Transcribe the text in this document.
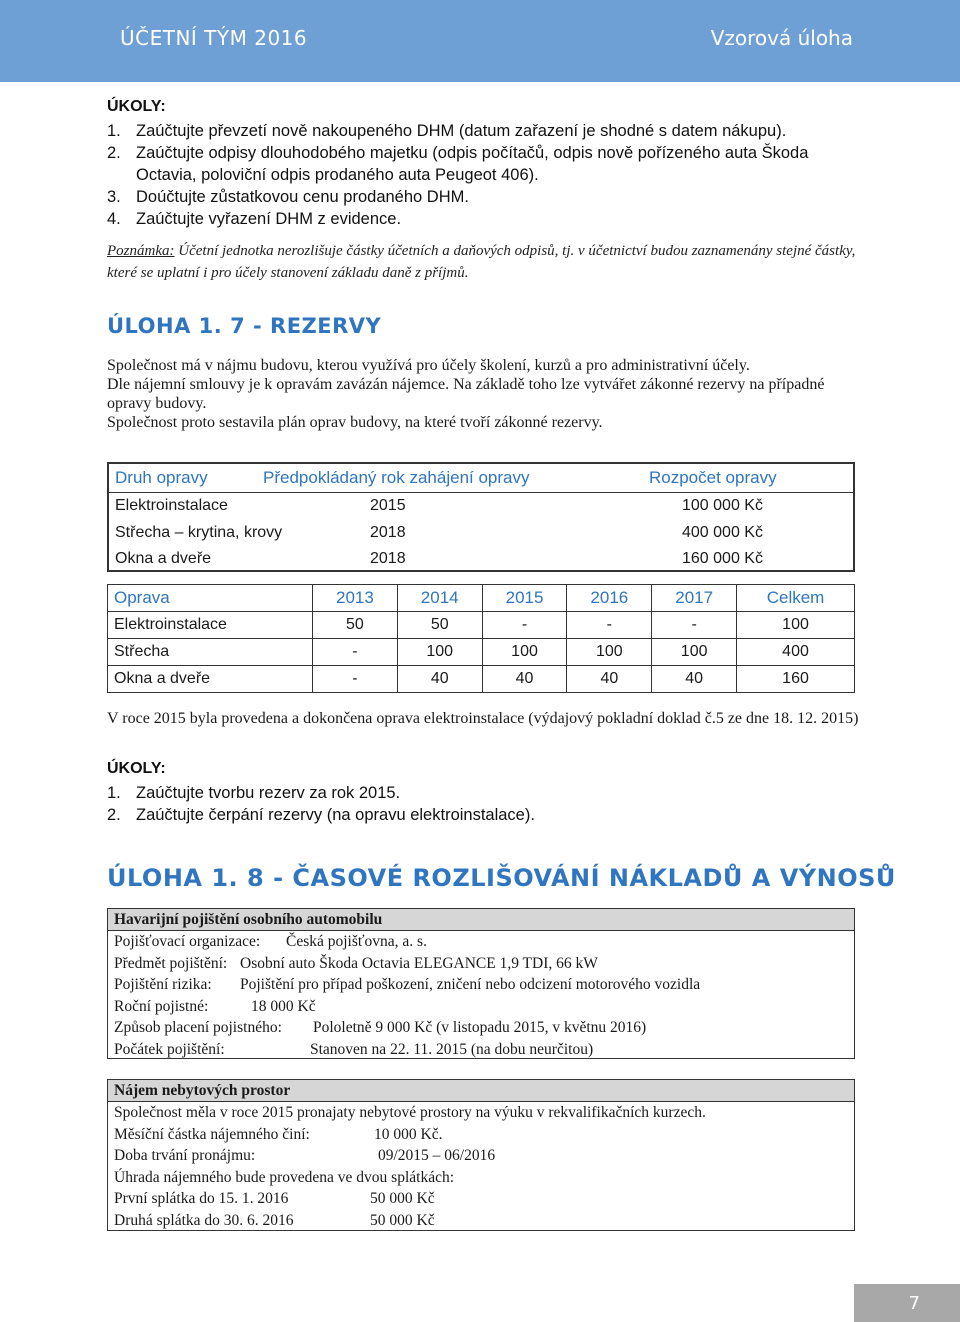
ÚČETNÍ TÝM 2016	Vzorová úloha
ÚKOLY:
1. Zaúčtujte převzetí nově nakoupeného DHM (datum zařazení je shodné s datem nákupu).
2. Zaúčtujte odpisy dlouhodobého majetku (odpis počítačů, odpis nově pořízeného auta Škoda Octavia, poloviční odpis prodaného auta Peugeot 406).
3. Doúčtujte zůstatkovou cenu prodaného DHM.
4. Zaúčtujte vyřazení DHM z evidence.
Poznámka: Účetní jednotka nerozlišuje částky účetních a daňových odpisů, tj. v účetnictví budou zaznamenány stejné částky, které se uplatní i pro účely stanovení základu daně z příjmů.
ÚLOHA 1. 7 - REZERVY

Společnost má v nájmu budovu, kterou využívá pro účely školení, kurzů a pro administrativní účely.

Dle nájemní smlouvy je k opravám zavázán nájemce. Na základě toho lze vytvářet zákonné rezervy na případné opravy budovy.

Společnost proto sestavila plán oprav budovy, na které tvoří zákonné rezervy.

Druh opravy	Předpokládaný rok zahájení opravy	Rozpočet opravy
Elektroinstalace	2015	100 000 Kč
Střecha – krytina, krovy	2018	400 000 Kč
Okna a dveře	2018	160 000 Kč
Oprava	2013	2014	2015	2016	2017	Celkem
Elektroinstalace	50	50	-	-	-	100
Střecha	-	100	100	100	100	400
Okna a dveře	-	40	40	40	40	160
V roce 2015 byla provedena a dokončena oprava elektroinstalace (výdajový pokladní doklad č.5 ze dne 18. 12. 2015)
ÚKOLY:
1. Zaúčtujte tvorbu rezerv za rok 2015.
2. Zaúčtujte čerpání rezervy (na opravu elektroinstalace).
ÚLOHA 1. 8 - ČASOVÉ ROZLIŠOVÁNÍ NÁKLADŮ A VÝNOSŮ
Havarijní pojištění osobního automobilu
Pojišťovací organizace: Česká pojišťovna, a. s.
Předmět pojištění: Osobní auto Škoda Octavia ELEGANCE 1,9 TDI, 66 kW
Pojištění rizika: Pojištění pro případ poškození, zničení nebo odcizení motorového vozidla
Roční pojistné:	18 000 Kč
Způsob placení pojistného: Pololetně 9 000 Kč (v listopadu 2015, v květnu 2016)
Počátek pojištění:	Stanoven na 22. 11. 2015 (na dobu neurčitou)
Nájem nebytových prostor
Společnost měla v roce 2015 pronajaty nebytové prostory na výuku v rekvalifikačních kurzech.
Měsíční částka nájemného činí:	10 000 Kč.
Doba trvání pronájmu:	09/2015 – 06/2016
Úhrada nájemného bude provedena ve dvou splátkách:
První splátka do 15. 1. 2016	50 000 Kč
Druhá splátka do 30. 6. 2016	50 000 Kč
7
